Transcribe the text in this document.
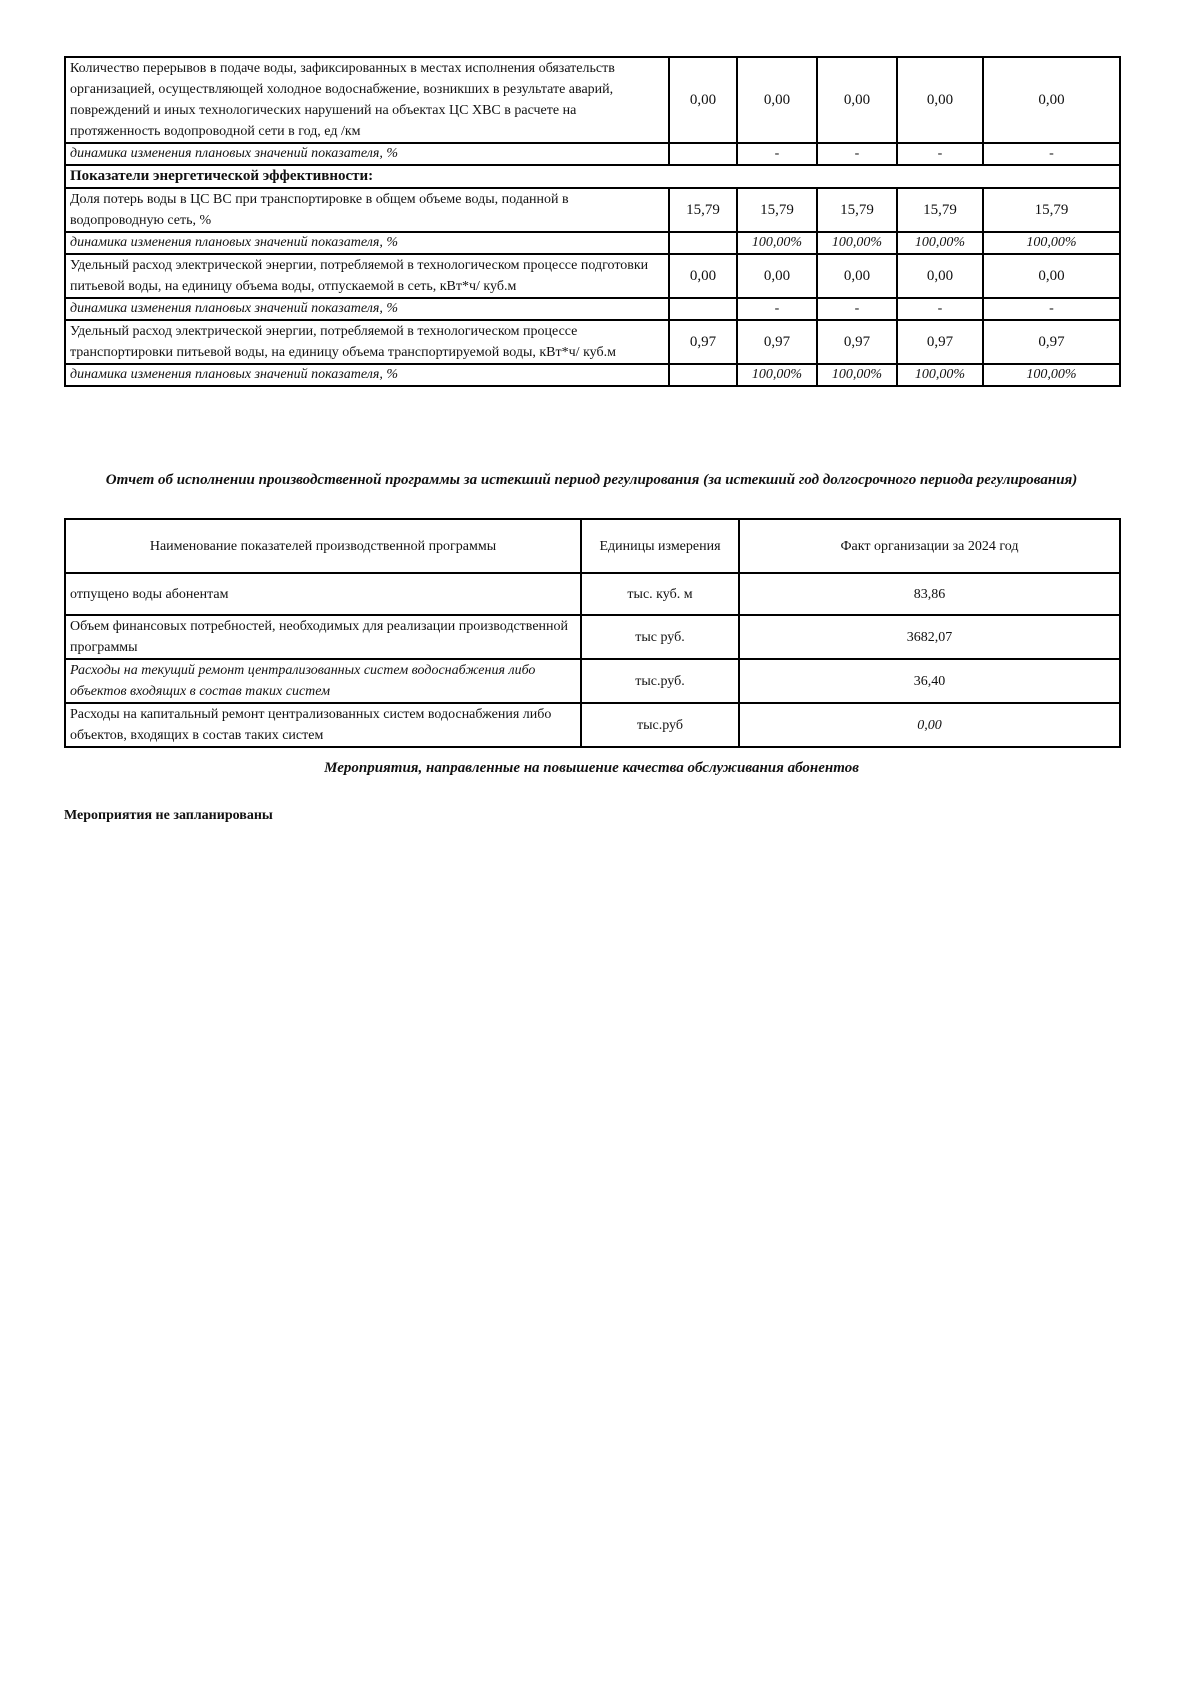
Количество перерывов в подаче воды, зафиксированных в местах исполнения обязательств организацией, осуществляющей холодное водоснабжение, возникших в результате аварий, повреждений и иных технологических нарушений на объектах ЦС ХВС в расчете на протяженность водопроводной сети в год, ед /км	0,00	0,00	0,00	0,00	0,00
динамика изменения плановых значений показателя, %		-	-	-	-
Показатели энергетической эффективности:					
Доля потерь воды в ЦС ВС при транспортировке в общем объеме воды, поданной в водопроводную сеть, %	15,79	15,79	15,79	15,79	15,79
динамика изменения плановых значений показателя, %		100,00%	100,00%	100,00%	100,00%
Удельный расход электрической энергии, потребляемой в технологическом процессе подготовки питьевой воды, на единицу объема воды, отпускаемой в сеть, кВт*ч/ куб.м	0,00	0,00	0,00	0,00	0,00
динамика изменения плановых значений показателя, %		-	-	-	-
Удельный расход электрической энергии, потребляемой в технологическом процессе транспортировки питьевой воды, на единицу объема транспортируемой воды, кВт*ч/ куб.м	0,97	0,97	0,97	0,97	0,97
динамика изменения плановых значений показателя, %		100,00%	100,00%	100,00%	100,00%
Отчет об исполнении производственной программы за истекший период регулирования (за истекший год долгосрочного периода регулирования)
Наименование показателей производственной программы	Единицы измерения	Факт организации за 2024 год
отпущено воды абонентам	тыс. куб. м	83,86
Объем финансовых потребностей, необходимых для реализации производственной программы	тыс руб.	3682,07
Расходы на текущий ремонт централизованных систем водоснабжения либо объектов входящих в состав таких систем	тыс.руб.	36,40
Расходы на капитальный ремонт централизованных систем водоснабжения либо объектов, входящих в состав таких систем	тыс.руб	0,00
Мероприятия, направленные на повышение качества обслуживания абонентов
Мероприятия не запланированы
